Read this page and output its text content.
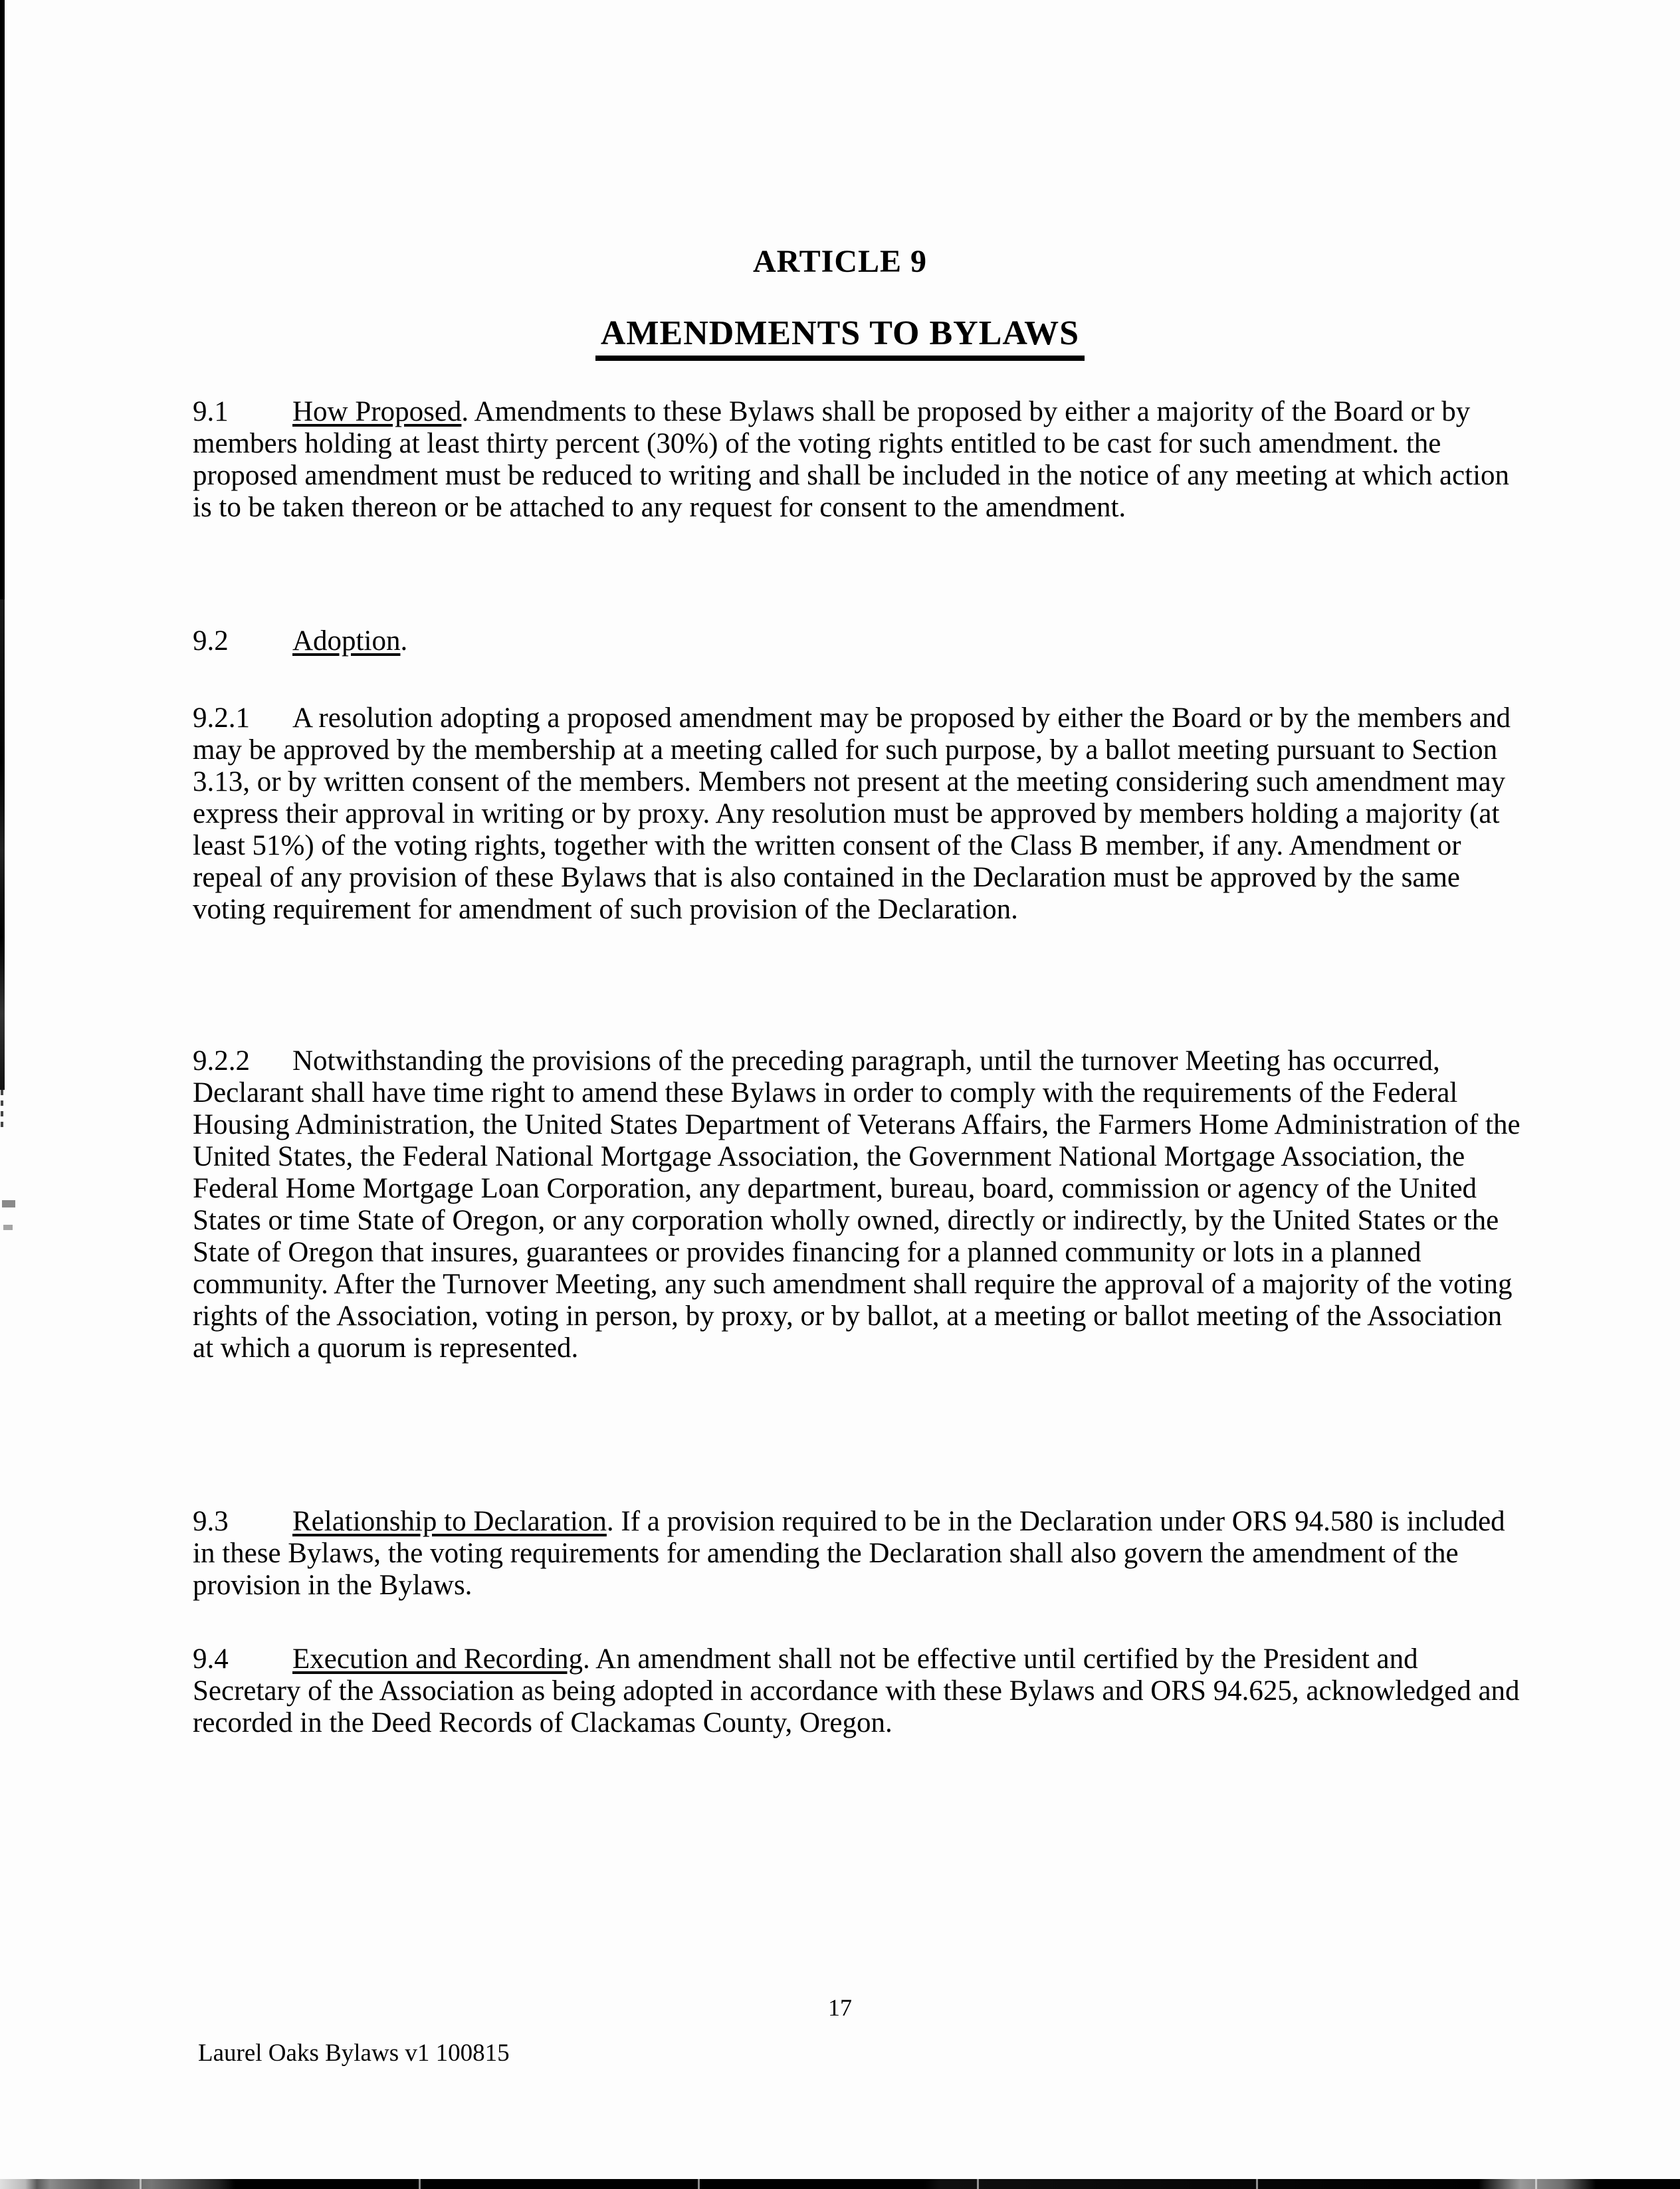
ARTICLE 9
AMENDMENTS TO BYLAWS

9.1 How Proposed. Amendments to these Bylaws shall be proposed by either a majority of the Board or by members holding at least thirty percent (30%) of the voting rights entitled to be cast for such amendment. the proposed amendment must be reduced to writing and shall be included in the notice of any meeting at which action is to be taken thereon or be attached to any request for consent to the amendment.

9.2 Adoption.

9.2.1 A resolution adopting a proposed amendment may be proposed by either the Board or by the members and may be approved by the membership at a meeting called for such purpose, by a ballot meeting pursuant to Section 3.13, or by written consent of the members. Members not present at the meeting considering such amendment may express their approval in writing or by proxy. Any resolution must be approved by members holding a majority (at least 51%) of the voting rights, together with the written consent of the Class B member, if any. Amendment or repeal of any provision of these Bylaws that is also contained in the Declaration must be approved by the same voting requirement for amendment of such provision of the Declaration.

9.2.2 Notwithstanding the provisions of the preceding paragraph, until the turnover Meeting has occurred, Declarant shall have time right to amend these Bylaws in order to comply with the requirements of the Federal Housing Administration, the United States Department of Veterans Affairs, the Farmers Home Administration of the United States, the Federal National Mortgage Association, the Government National Mortgage Association, the Federal Home Mortgage Loan Corporation, any department, bureau, board, commission or agency of the United States or time State of Oregon, or any corporation wholly owned, directly or indirectly, by the United States or the State of Oregon that insures, guarantees or provides financing for a planned community or lots in a planned community. After the Turnover Meeting, any such amendment shall require the approval of a majority of the voting rights of the Association, voting in person, by proxy, or by ballot, at a meeting or ballot meeting of the Association at which a quorum is represented.

9.3 Relationship to Declaration. If a provision required to be in the Declaration under ORS 94.580 is included in these Bylaws, the voting requirements for amending the Declaration shall also govern the amendment of the provision in the Bylaws.

9.4 Execution and Recording. An amendment shall not be effective until certified by the President and Secretary of the Association as being adopted in accordance with these Bylaws and ORS 94.625, acknowledged and recorded in the Deed Records of Clackamas County, Oregon.

17

Laurel Oaks Bylaws v1 100815
